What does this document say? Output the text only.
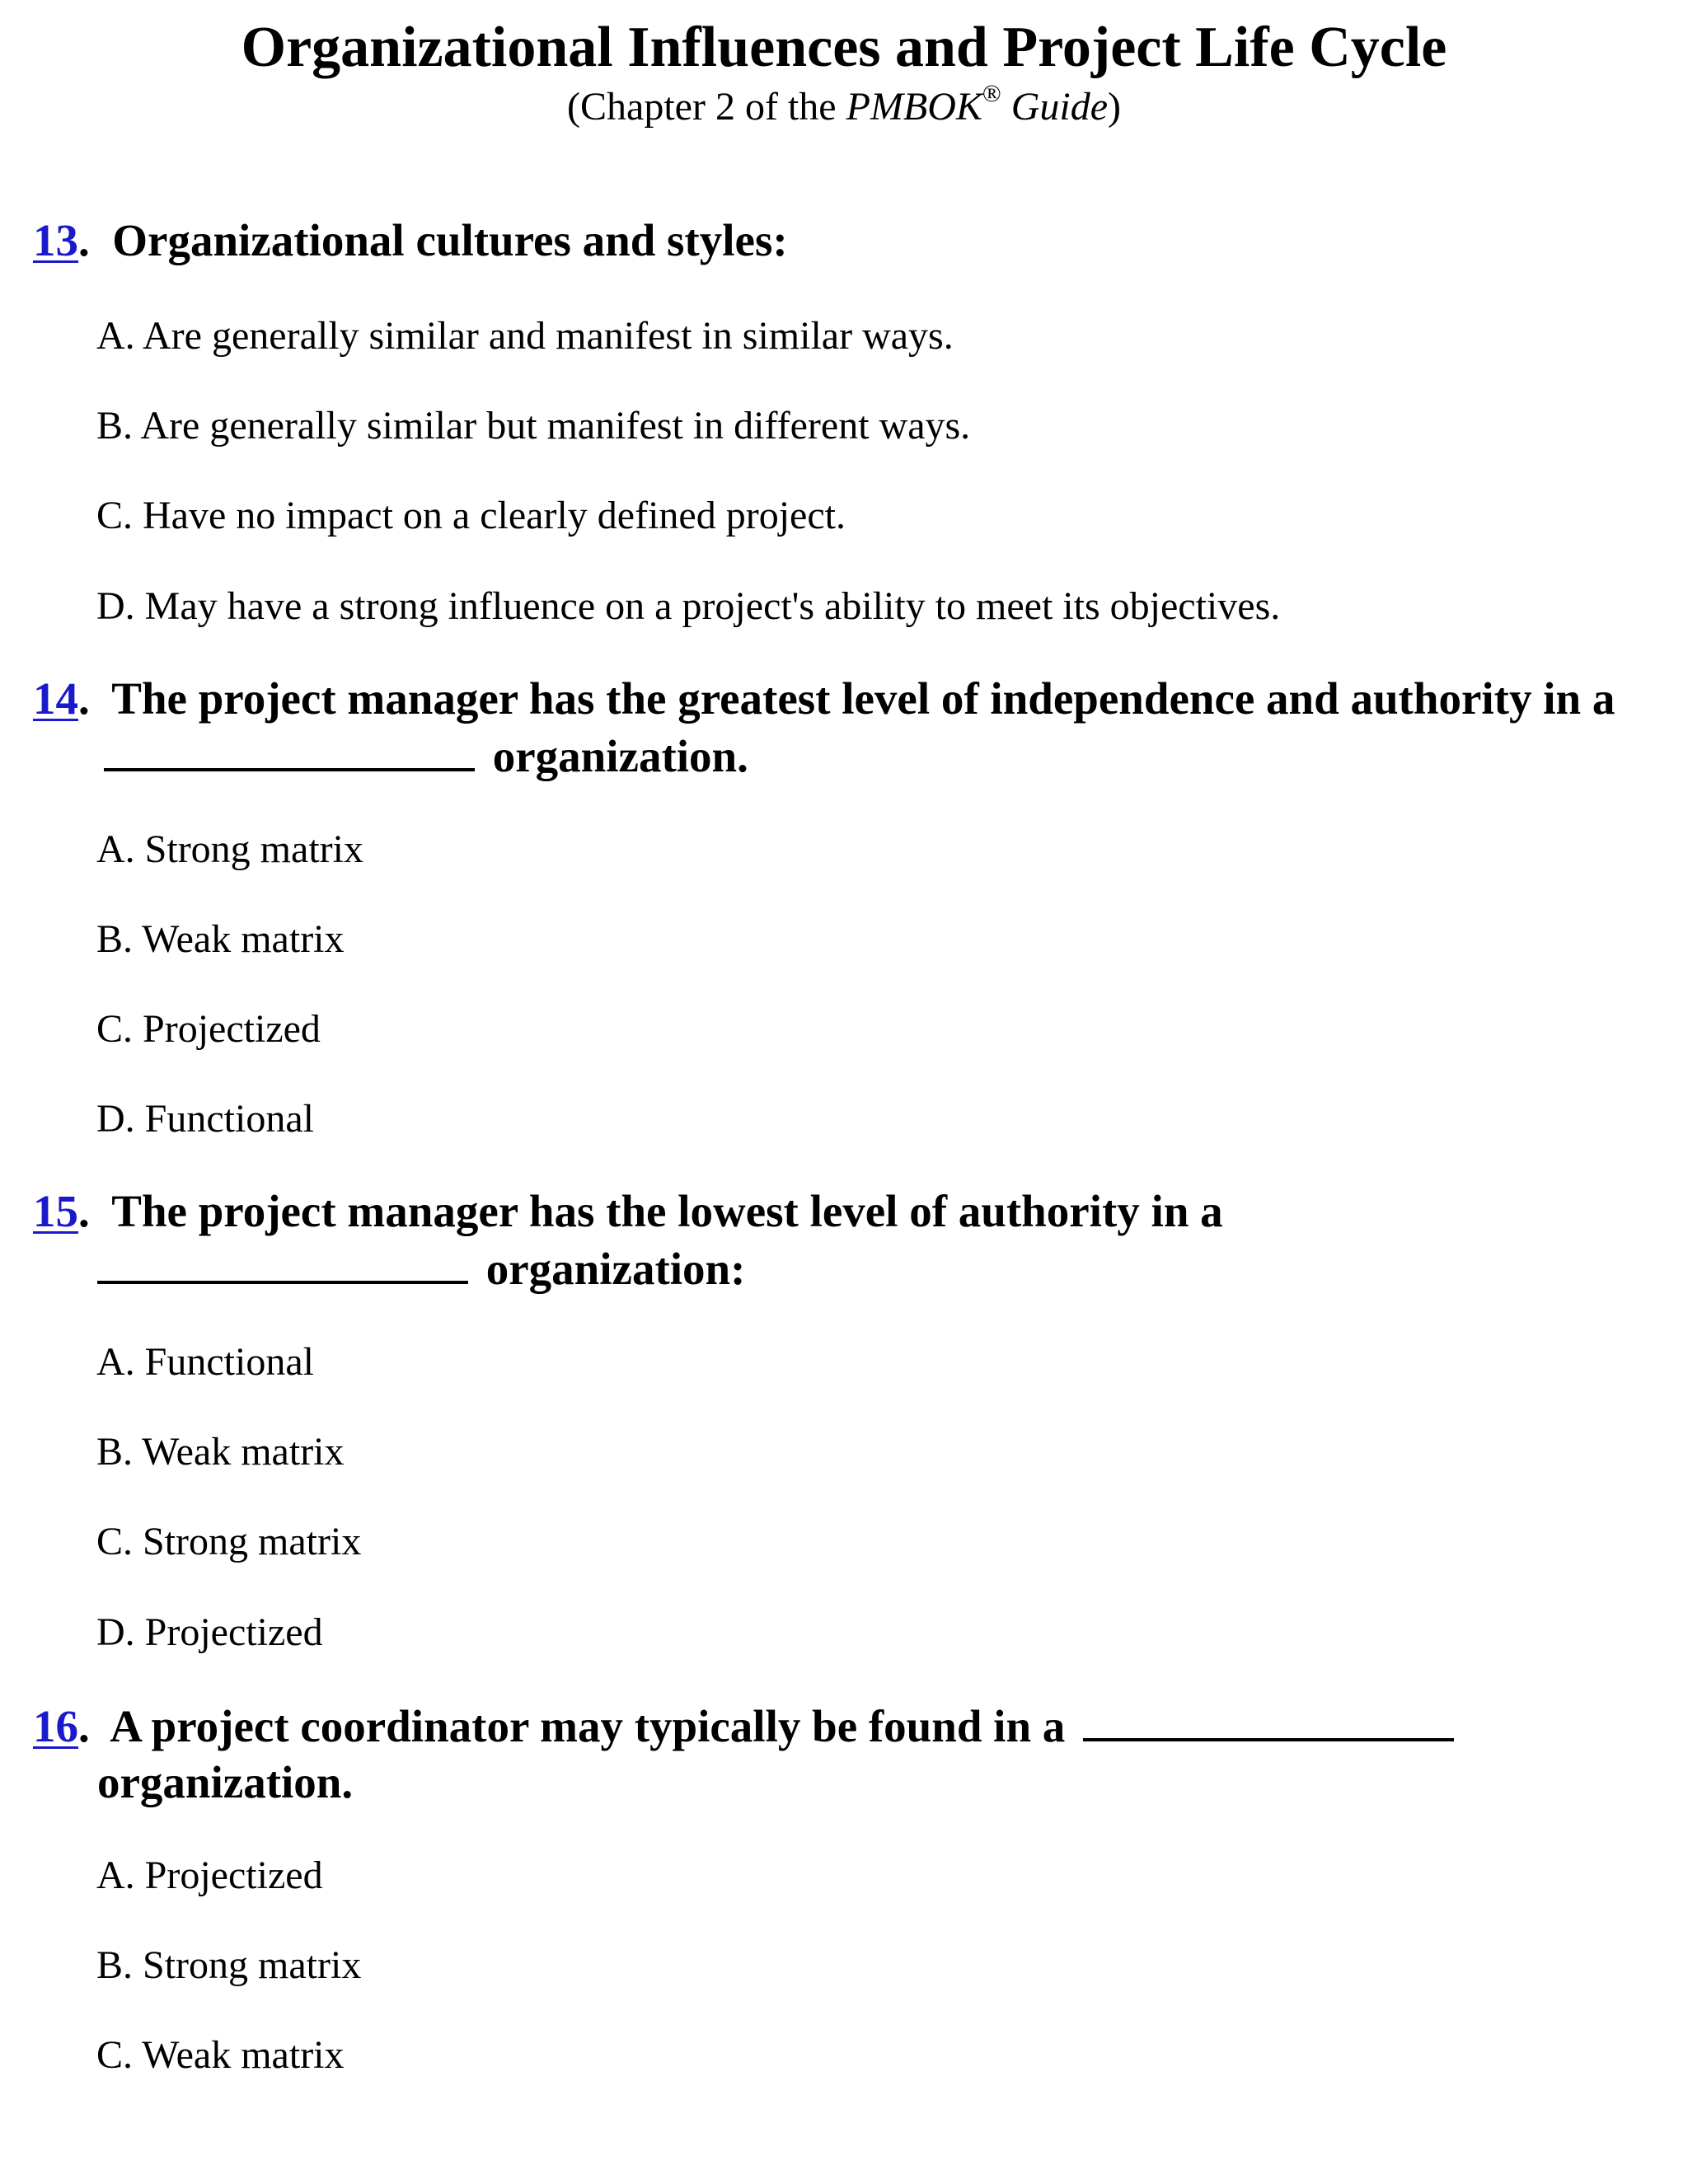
Organizational Influences and Project Life Cycle
(Chapter 2 of the PMBOK® Guide)
13. Organizational cultures and styles:
A. Are generally similar and manifest in similar ways.
B. Are generally similar but manifest in different ways.
C. Have no impact on a clearly defined project.
D. May have a strong influence on a project's ability to meet its objectives.
14. The project manager has the greatest level of independence and authority in a  organization.
A. Strong matrix
B. Weak matrix
C. Projectized
D. Functional
15. The project manager has the lowest level of authority in a
organization:
A. Functional
B. Weak matrix
C. Strong matrix
D. Projectized
16. A project coordinator may typically be found in a
organization.
A. Projectized
B. Strong matrix
C. Weak matrix
